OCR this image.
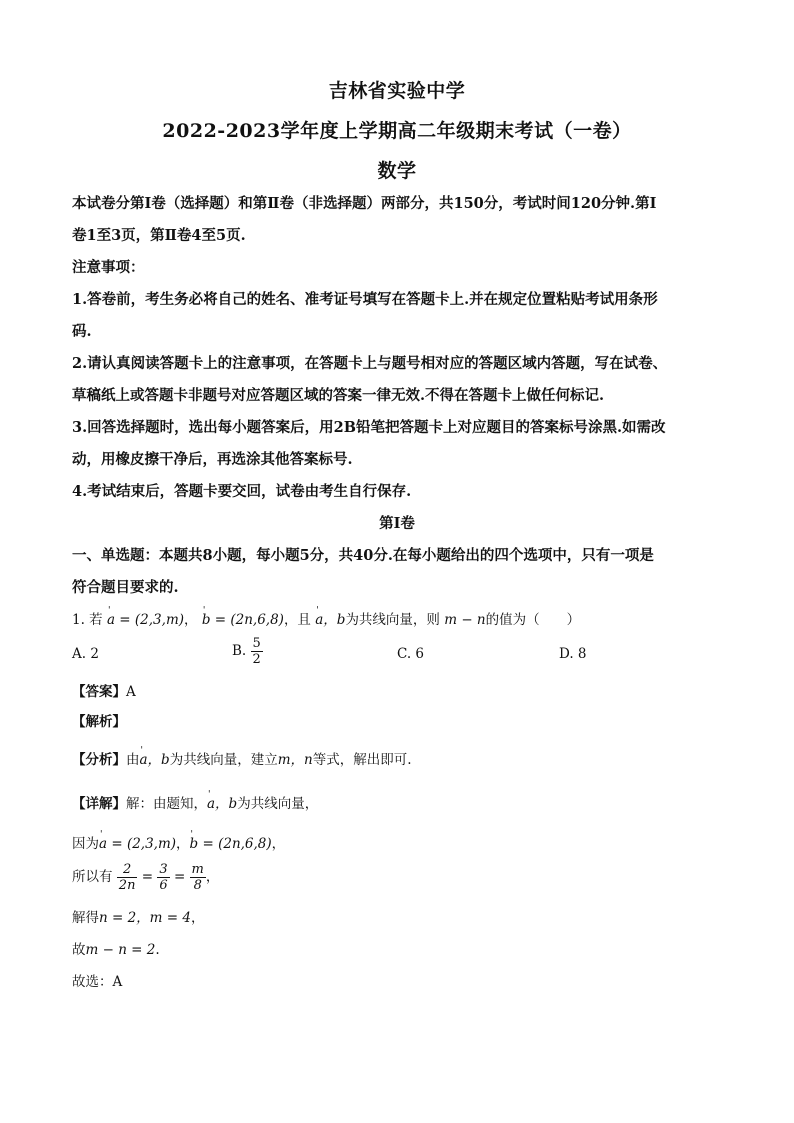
吉林省实验中学
2022-2023学年度上学期高二年级期末考试（一卷）
数学
本试卷分第Ⅰ卷（选择题）和第Ⅱ卷（非选择题）两部分，共150分，考试时间120分钟.第Ⅰ
卷1至3页，第Ⅱ卷4至5页.
注意事项：
1.答卷前，考生务必将自己的姓名、准考证号填写在答题卡上.并在规定位置粘贴考试用条形
码.
2.请认真阅读答题卡上的注意事项，在答题卡上与题号相对应的答题区域内答题，写在试卷、
草稿纸上或答题卡非题号对应答题区域的答案一律无效.不得在答题卡上做任何标记.
3.回答选择题时，选出每小题答案后，用2B铅笔把答题卡上对应题目的答案标号涂黑.如需改
动，用橡皮擦干净后，再选涂其他答案标号.
4.考试结束后，答题卡要交回，试卷由考生自行保存.
第Ⅰ卷
一、单选题：本题共8小题，每小题5分，共40分.在每小题给出的四个选项中，只有一项是
符合题目要求的.
1. 若 ' a = (2,3,m)， ' b = (2n,6,8)，且 ' a，b为共线向量，则 m − n的值为（　　）
A. 2	B. $\frac{5}{2}$	C. 6	D. 8
【答案】A
【解析】
【分析】由' a，b为共线向量，建立m，n等式，解出即可.
【详解】解：由题知，' a，b为共线向量，
因为' a = (2,3,m)，' b = (2n,6,8)，
所以有 $\frac{2}{2n} = \frac{3}{6} = \frac{m}{8}$ ，
解得n = 2，m = 4，
故m − n = 2.
故选：A
